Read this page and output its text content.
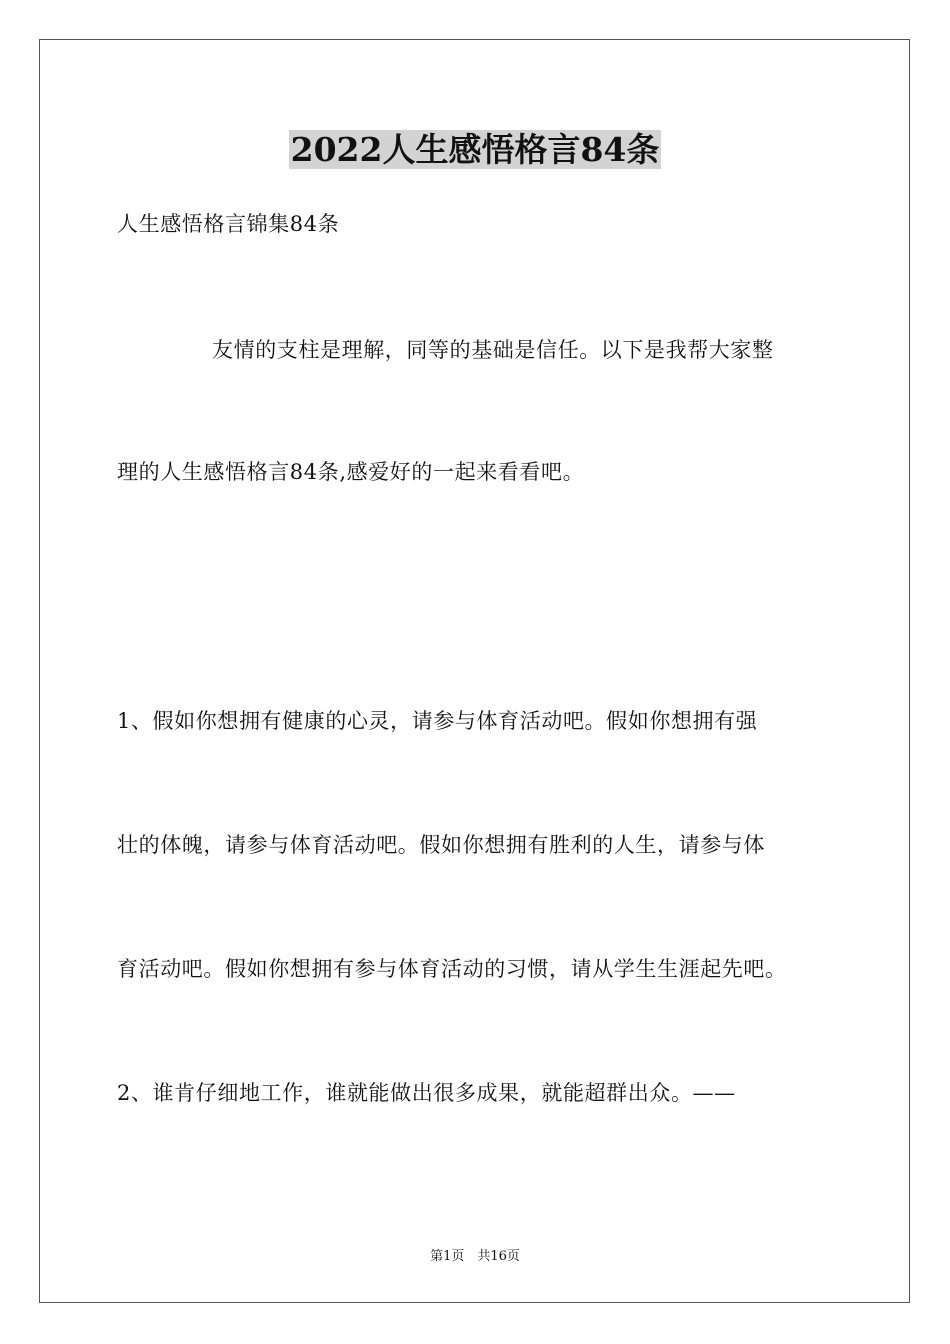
2022人生感悟格言84条
人生感悟格言锦集84条
友情的支柱是理解，同等的基础是信任。以下是我帮大家整
理的人生感悟格言84条,感爱好的一起来看看吧。
1、假如你想拥有健康的心灵，请参与体育活动吧。假如你想拥有强
壮的体魄，请参与体育活动吧。假如你想拥有胜利的人生，请参与体
育活动吧。假如你想拥有参与体育活动的习惯，请从学生生涯起先吧。
2、谁肯仔细地工作，谁就能做出很多成果，就能超群出众。——
第1页　共16页
